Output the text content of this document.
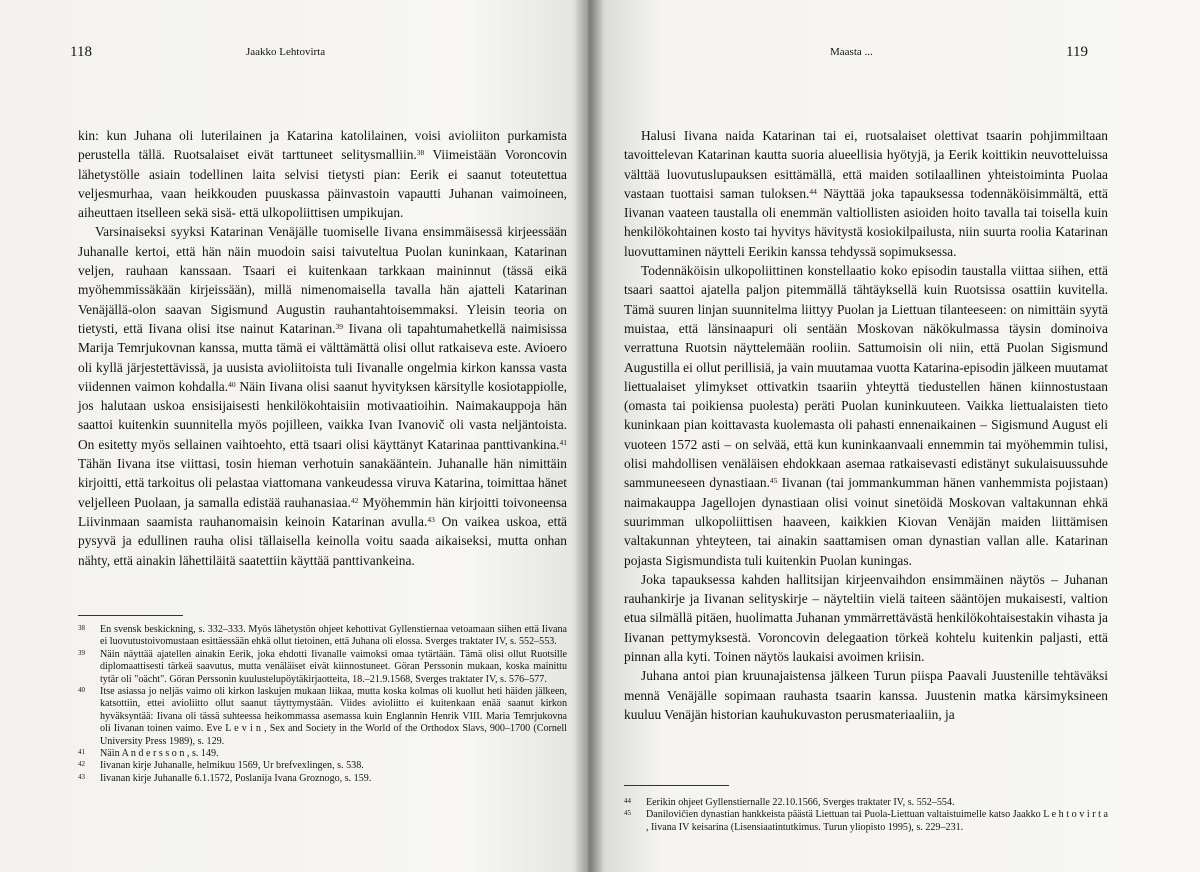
118	Jaakko Lehtovirta

kin: kun Juhana oli luterilainen ja Katarina katolilainen, voisi avioliiton purkamista perustella tällä. Ruotsalaiset eivät tarttuneet selitysmalliin.$^{38}$ Viimeistään Voroncovin lähetystölle asiain todellinen laita selvisi tietysti pian: Eerik ei saanut toteutettua veljesmurhaa, vaan heikkouden puuskassa päinvastoin vapautti Juhanan vaimoineen, aiheuttaen itselleen sekä sisä- että ulkopoliittisen umpikujan.

Varsinaiseksi syyksi Katarinan Venäjälle tuomiselle Iivana ensimmäisessä kirjeessään Juhanalle kertoi, että hän näin muodoin saisi taivuteltua Puolan kuninkaan, Katarinan veljen, rauhaan kanssaan. Tsaari ei kuitenkaan tarkkaan maininnut (tässä eikä myöhemmissäkään kirjeissään), millä nimenomaisella tavalla hän ajatteli Katarinan Venäjällä-olon saavan Sigismund Augustin rauhantahtoisemmaksi. Yleisin teoria on tietysti, että Iivana olisi itse nainut Katarinan.$^{39}$ Iivana oli tapahtumahetkellä naimisissa Marija Temrjukovnan kanssa, mutta tämä ei välttämättä olisi ollut ratkaiseva este. Avioero oli kyllä järjestettävissä, ja uusista avioliitoista tuli Iivanalle ongelmia kirkon kanssa vasta viidennen vaimon kohdalla.$^{40}$ Näin Iivana olisi saanut hyvityksen kärsitylle kosiotappiolle, jos halutaan uskoa ensisijaisesti henkilökohtaisiin motivaatioihin. Naimakauppoja hän saattoi kuitenkin suunnitella myös pojilleen, vaikka Ivan Ivanovič oli vasta neljäntoista. On esitetty myös sellainen vaihtoehto, että tsaari olisi käyttänyt Katarinaa panttivankina.$^{41}$ Tähän Iivana itse viittasi, tosin hieman verhotuin sanakääntein. Juhanalle hän nimittäin kirjoitti, että tarkoitus oli pelastaa viattomana vankeudessa viruva Katarina, toimittaa hänet veljelleen Puolaan, ja samalla edistää rauhanasiaa.$^{42}$ Myöhemmin hän kirjoitti toivoneensa Liivinmaan saamista rauhanomaisin keinoin Katarinan avulla.$^{43}$ On vaikea uskoa, että pysyvä ja edullinen rauha olisi tällaisella keinolla voitu saada aikaiseksi, mutta onhan nähty, että ainakin lähettiläitä saatettiin käyttää panttivankeina.

38	En svensk beskickning, s. 332–333. Myös lähetystön ohjeet kehottivat Gyllenstiernaa vetoamaan siihen että Iivana ei luovutustoivomustaan esittäessään ehkä ollut tietoinen, että Juhana oli elossa. Sverges traktater IV, s. 552–553.
39	Näin näyttää ajatellen ainakin Eerik, joka ehdotti Iivanalle vaimoksi omaa tytärtään. Tämä olisi ollut Ruotsille diplomaattisesti tärkeä saavutus, mutta venäläiset eivät kiinnostuneet. Göran Perssonin mukaan, koska mainittu tytär oli "oächt". Göran Perssonin kuulustelupöytäkirjaotteita, 18.–21.9.1568, Sverges traktater IV, s. 576–577.
40	Itse asiassa jo neljäs vaimo oli kirkon laskujen mukaan liikaa, mutta koska kolmas oli kuollut heti häiden jälkeen, katsottiin, ettei avioliitto ollut saanut täyttymystään. Viides avioliitto ei kuitenkaan enää saanut kirkon hyväksyntää: Iivana oli tässä suhteessa heikommassa asemassa kuin Englannin Henrik VIII. Maria Temrjukovna oli Iivanan toinen vaimo. Eve L e v i n , Sex and Society in the World of the Orthodox Slavs, 900–1700 (Cornell University Press 1989), s. 129.
41	Näin A n d e r s s o n , s. 149.
42	Iivanan kirje Juhanalle, helmikuu 1569, Ur brefvexlingen, s. 538.
43	Iivanan kirje Juhanalle 6.1.1572, Poslanija Ivana Groznogo, s. 159.
Maasta ...	119

Halusi Iivana naida Katarinan tai ei, ruotsalaiset olettivat tsaarin pohjimmiltaan tavoittelevan Katarinan kautta suoria alueellisia hyötyjä, ja Eerik koittikin neuvotteluissa välttää luovutuslupauksen esittämällä, että maiden sotilaallinen yhteistoiminta Puolaa vastaan tuottaisi saman tuloksen.$^{44}$ Näyttää joka tapauksessa todennäköisimmältä, että Iivanan vaateen taustalla oli enemmän valtiollisten asioiden hoito tavalla tai toisella kuin henkilökohtainen kosto tai hyvitys hävitystä kosiokilpailusta, niin suurta roolia Katarinan luovuttaminen näytteli Eerikin kanssa tehdyssä sopimuksessa.

Todennäköisin ulkopoliittinen konstellaatio koko episodin taustalla viittaa siihen, että tsaari saattoi ajatella paljon pitemmällä tähtäyksellä kuin Ruotsissa osattiin kuvitella. Tämä suuren linjan suunnitelma liittyy Puolan ja Liettuan tilanteeseen: on nimittäin syytä muistaa, että länsinaapuri oli sentään Moskovan näkökulmassa täysin dominoiva verrattuna Ruotsin näyttelemään rooliin. Sattumoisin oli niin, että Puolan Sigismund Augustilla ei ollut perillisiä, ja vain muutamaa vuotta Katarina-episodin jälkeen muutamat liettualaiset ylimykset ottivatkin tsaariin yhteyttä tiedustellen hänen kiinnostustaan (omasta tai poikiensa puolesta) peräti Puolan kuninkuuteen. Vaikka liettualaisten tieto kuninkaan pian koittavasta kuolemasta oli pahasti ennenaikainen – Sigismund August eli vuoteen 1572 asti – on selvää, että kun kuninkaanvaali ennemmin tai myöhemmin tulisi, olisi mahdollisen venäläisen ehdokkaan asemaa ratkaisevasti edistänyt sukulaisuussuhde sammuneeseen dynastiaan.$^{45}$ Iivanan (tai jommankumman hänen vanhemmista pojistaan) naimakauppa Jagellojen dynastiaan olisi voinut sinetöidä Moskovan valtakunnan ehkä suurimman ulkopoliittisen haaveen, kaikkien Kiovan Venäjän maiden liittämisen valtakunnan yhteyteen, tai ainakin saattamisen oman dynastian vallan alle. Katarinan pojasta Sigismundista tuli kuitenkin Puolan kuningas.

Joka tapauksessa kahden hallitsijan kirjeenvaihdon ensimmäinen näytös – Juhanan rauhankirje ja Iivanan selityskirje – näyteltiin vielä taiteen sääntöjen mukaisesti, valtion etua silmällä pitäen, huolimatta Juhanan ymmärrettävästä henkilökohtaisestakin vihasta ja Iivanan pettymyksestä. Voroncovin delegaation törkeä kohtelu kuitenkin paljasti, että pinnan alla kyti. Toinen näytös laukaisi avoimen kriisin.

Juhana antoi pian kruunajaistensa jälkeen Turun piispa Paavali Juustenille tehtäväksi mennä Venäjälle sopimaan rauhasta tsaarin kanssa. Juustenin matka kärsimyksineen kuuluu Venäjän historian kauhukuvaston perusmateriaaliin, ja

44	Eerikin ohjeet Gyllenstiernalle 22.10.1566, Sverges traktater IV, s. 552–554.
45	Danilovičien dynastian hankkeista päästä Liettuan tai Puola-Liettuan valtaistuimelle katso Jaakko L e h t o v i r t a , Iivana IV keisarina (Lisensiaatintutkimus. Turun yliopisto 1995), s. 229–231.
